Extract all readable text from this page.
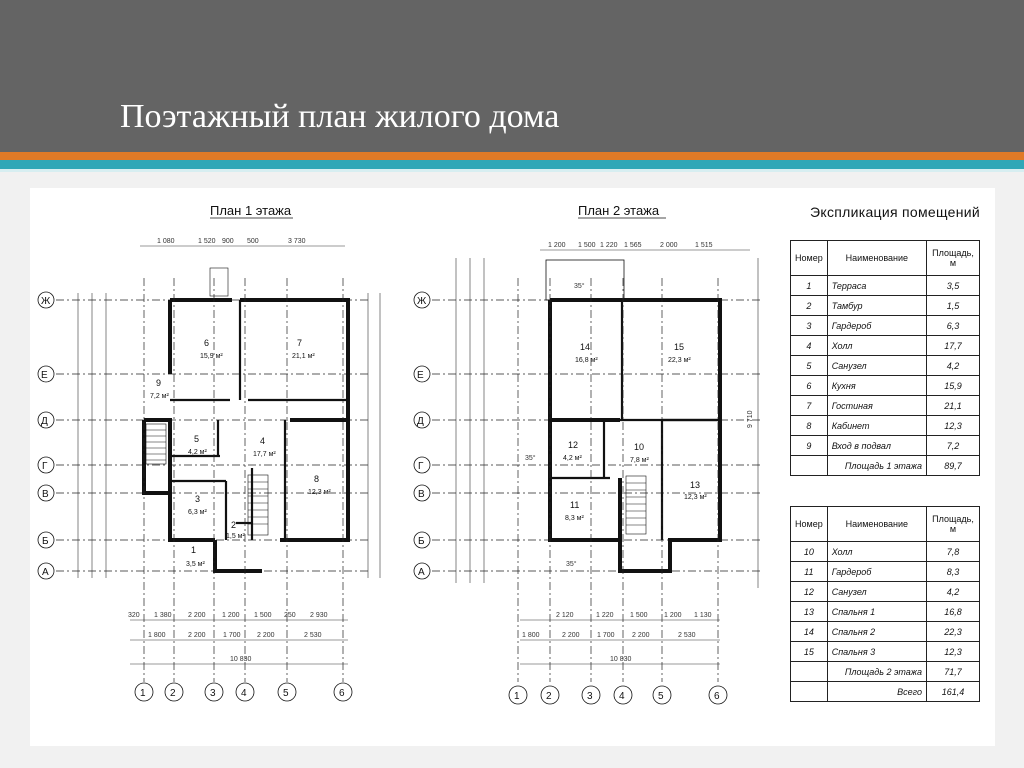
Поэтажный план жилого дома
План 1 этажа
1 080	1 520 900 500	3 730
Ж
Е
Д
Г
В
Б
А
6
15,9 м²
7
21,1 м²
9
7,2 м²
5
4,2 м²
4
17,7 м²
8
12,3 м²
3
6,3 м²
2
1,5 м²
1
3,5 м²
320 1 380 2 200 1 200 1 500 250 2 930
1 800	2 200 1 700 2 200	2 530
10 830
1 2	3	4	5	6
План 2 этажа
1 200 1 500 1 220 1 565	2 000 1 515
Ж
Е
Д
Г
В
Б
А
9 710
35°
35°
35°
14
16,8 м²
15
22,3 м²
12
4,2 м²
10
7,8 м²
13
12,3 м²
11
8,3 м²
2 120	1 220 1 500 1 200 1 130
1 800	2 200 1 700 2 200	2 530
10 830
1	2	3	4	5	6
Экспликация помещений
Номер	Наименование	Площадь, м
1	Терраса	3,5
2	Тамбур	1,5
3	Гардероб	6,3
4	Холл	17,7
5	Санузел	4,2
6	Кухня	15,9
7	Гостиная	21,1
8	Кабинет	12,3
9	Вход в подвал	7,2
	Площадь 1 этажа	89,7
Номер	Наименование	Площадь, м
10	Холл	7,8
11	Гардероб	8,3
12	Санузел	4,2
13	Спальня 1	16,8
14	Спальня 2	22,3
15	Спальня 3	12,3
	Площадь 2 этажа	71,7
	Всего	161,4
